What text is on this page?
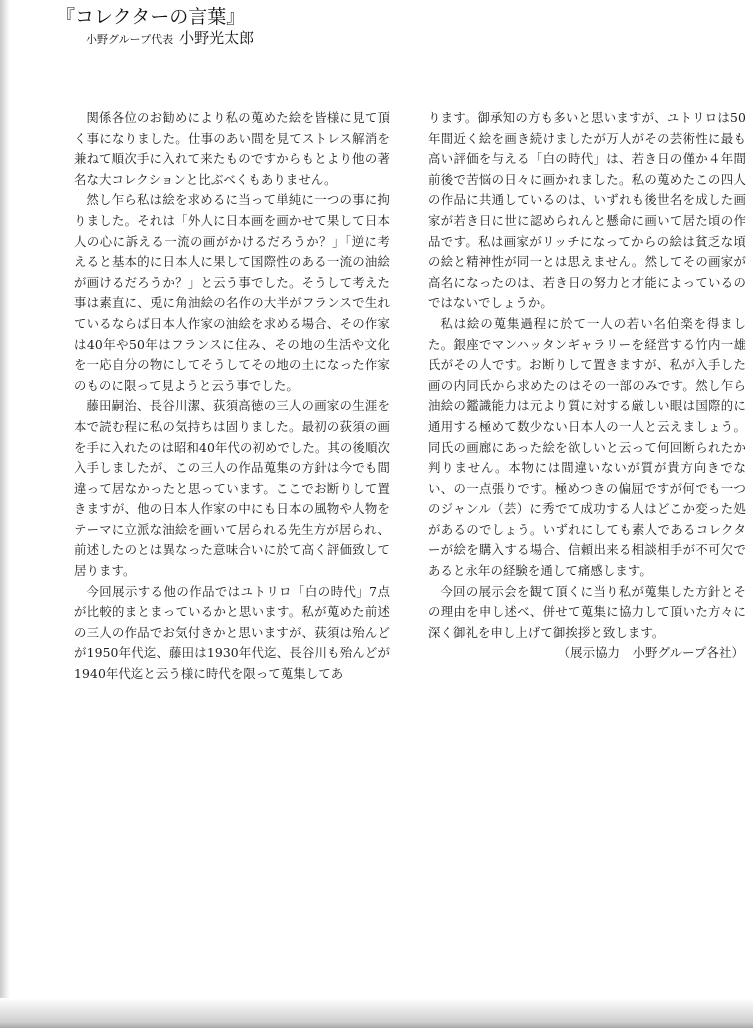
『コレクターの言葉』
小野グループ代表 小野光太郎

関係各位のお勧めにより私の蒐めた絵を皆様に見て頂く事になりました。仕事のあい間を見てストレス解消を兼ねて順次手に入れて来たものですからもとより他の著名な大コレクションと比ぶべくもありません。

然し乍ら私は絵を求めるに当って単純に一つの事に拘りました。それは「外人に日本画を画かせて果して日本人の心に訴える一流の画がかけるだろうか？」「逆に考えると基本的に日本人に果して国際性のある一流の油絵が画けるだろうか？」と云う事でした。そうして考えた事は素直に、兎に角油絵の名作の大半がフランスで生れているならば日本人作家の油絵を求める場合、その作家は40年や50年はフランスに住み、その地の生活や文化を一応自分の物にしてそうしてその地の土になった作家のものに限って見ようと云う事でした。

藤田嗣治、長谷川潔、荻須高徳の三人の画家の生涯を本で読む程に私の気持ちは固りました。最初の荻須の画を手に入れたのは昭和40年代の初めでした。其の後順次入手しましたが、この三人の作品蒐集の方針は今でも間違って居なかったと思っています。ここでお断りして置きますが、他の日本人作家の中にも日本の風物や人物をテーマに立派な油絵を画いて居られる先生方が居られ、前述したのとは異なった意味合いに於て高く評価致して居ります。

今回展示する他の作品ではユトリロ「白の時代」7点が比較的まとまっているかと思います。私が蒐めた前述の三人の作品でお気付きかと思いますが、荻須は殆んどが1950年代迄、藤田は1930年代迄、長谷川も殆んどが1940年代迄と云う様に時代を限って蒐集してあ

ります。御承知の方も多いと思いますが、ユトリロは50年間近く絵を画き続けましたが万人がその芸術性に最も高い評価を与える「白の時代」は、若き日の僅か４年間前後で苦悩の日々に画かれました。私の蒐めたこの四人の作品に共通しているのは、いずれも後世名を成した画家が若き日に世に認められんと懸命に画いて居た頃の作品です。私は画家がリッチになってからの絵は貧乏な頃の絵と精神性が同一とは思えません。然してその画家が高名になったのは、若き日の努力と才能によっているのではないでしょうか。

私は絵の蒐集過程に於て一人の若い名伯楽を得ました。銀座でマンハッタンギャラリーを経営する竹内一雄氏がその人です。お断りして置きますが、私が入手した画の内同氏から求めたのはその一部のみです。然し乍ら油絵の鑑識能力は元より質に対する厳しい眼は国際的に通用する極めて数少ない日本人の一人と云えましょう。同氏の画廊にあった絵を欲しいと云って何回断られたか判りません。本物には間違いないが質が貴方向きでない、の一点張りです。極めつきの偏屈ですが何でも一つのジャンル（芸）に秀でて成功する人はどこか変った処があるのでしょう。いずれにしても素人であるコレクターが絵を購入する場合、信頼出来る相談相手が不可欠であると永年の経験を通して痛感します。

今回の展示会を観て頂くに当り私が蒐集した方針とその理由を申し述べ、併せて蒐集に協力して頂いた方々に深く御礼を申し上げて御挨拶と致します。

（展示協力　小野グループ各社）
